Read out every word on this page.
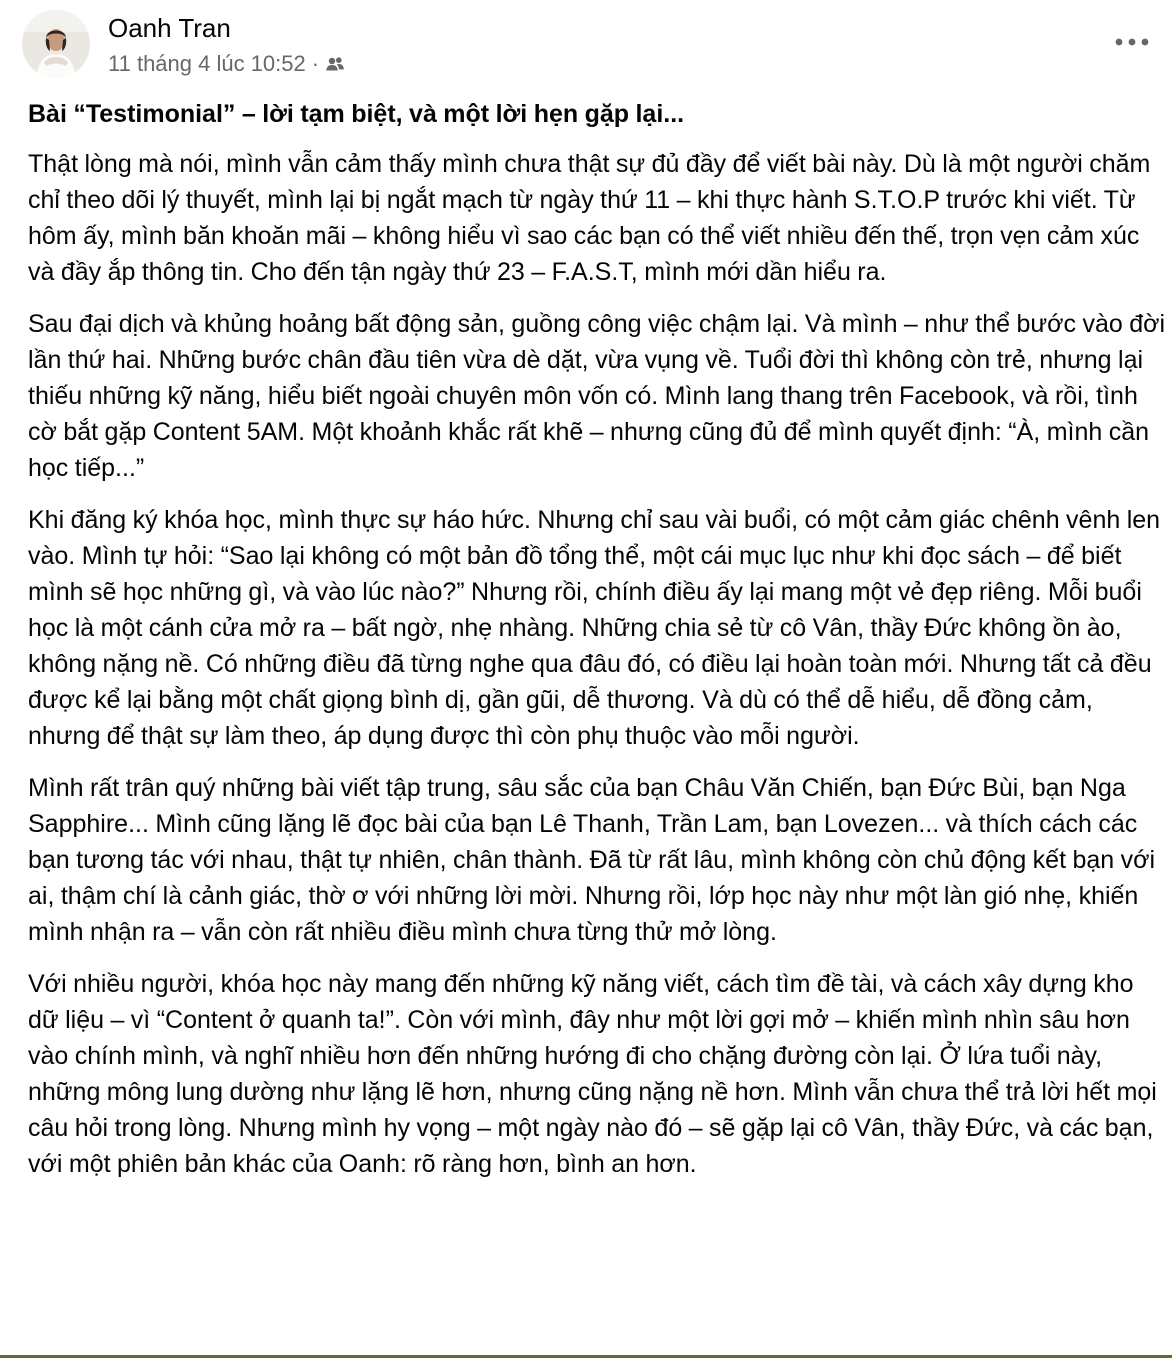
Oanh Tran
11 tháng 4 lúc 10:52 ·

Bài “Testimonial” – lời tạm biệt, và một lời hẹn gặp lại...

Thật lòng mà nói, mình vẫn cảm thấy mình chưa thật sự đủ đầy để viết bài này. Dù là một người chăm chỉ theo dõi lý thuyết, mình lại bị ngắt mạch từ ngày thứ 11 – khi thực hành S.T.O.P trước khi viết. Từ hôm ấy, mình băn khoăn mãi – không hiểu vì sao các bạn có thể viết nhiều đến thế, trọn vẹn cảm xúc và đầy ắp thông tin. Cho đến tận ngày thứ 23 – F.A.S.T, mình mới dần hiểu ra.

Sau đại dịch và khủng hoảng bất động sản, guồng công việc chậm lại. Và mình – như thể bước vào đời lần thứ hai. Những bước chân đầu tiên vừa dè dặt, vừa vụng về. Tuổi đời thì không còn trẻ, nhưng lại thiếu những kỹ năng, hiểu biết ngoài chuyên môn vốn có. Mình lang thang trên Facebook, và rồi, tình cờ bắt gặp Content 5AM. Một khoảnh khắc rất khẽ – nhưng cũng đủ để mình quyết định: “À, mình cần học tiếp...”

Khi đăng ký khóa học, mình thực sự háo hức. Nhưng chỉ sau vài buổi, có một cảm giác chênh vênh len vào. Mình tự hỏi: “Sao lại không có một bản đồ tổng thể, một cái mục lục như khi đọc sách – để biết mình sẽ học những gì, và vào lúc nào?” Nhưng rồi, chính điều ấy lại mang một vẻ đẹp riêng. Mỗi buổi học là một cánh cửa mở ra – bất ngờ, nhẹ nhàng. Những chia sẻ từ cô Vân, thầy Đức không ồn ào, không nặng nề. Có những điều đã từng nghe qua đâu đó, có điều lại hoàn toàn mới. Nhưng tất cả đều được kể lại bằng một chất giọng bình dị, gần gũi, dễ thương. Và dù có thể dễ hiểu, dễ đồng cảm, nhưng để thật sự làm theo, áp dụng được thì còn phụ thuộc vào mỗi người.

Mình rất trân quý những bài viết tập trung, sâu sắc của bạn Châu Văn Chiến, bạn Đức Bùi, bạn Nga Sapphire... Mình cũng lặng lẽ đọc bài của bạn Lê Thanh, Trần Lam, bạn Lovezen... và thích cách các bạn tương tác với nhau, thật tự nhiên, chân thành. Đã từ rất lâu, mình không còn chủ động kết bạn với ai, thậm chí là cảnh giác, thờ ơ với những lời mời. Nhưng rồi, lớp học này như một làn gió nhẹ, khiến mình nhận ra – vẫn còn rất nhiều điều mình chưa từng thử mở lòng.

Với nhiều người, khóa học này mang đến những kỹ năng viết, cách tìm đề tài, và cách xây dựng kho dữ liệu – vì “Content ở quanh ta!”. Còn với mình, đây như một lời gợi mở – khiến mình nhìn sâu hơn vào chính mình, và nghĩ nhiều hơn đến những hướng đi cho chặng đường còn lại. Ở lứa tuổi này, những mông lung dường như lặng lẽ hơn, nhưng cũng nặng nề hơn. Mình vẫn chưa thể trả lời hết mọi câu hỏi trong lòng. Nhưng mình hy vọng – một ngày nào đó – sẽ gặp lại cô Vân, thầy Đức, và các bạn, với một phiên bản khác của Oanh: rõ ràng hơn, bình an hơn.
